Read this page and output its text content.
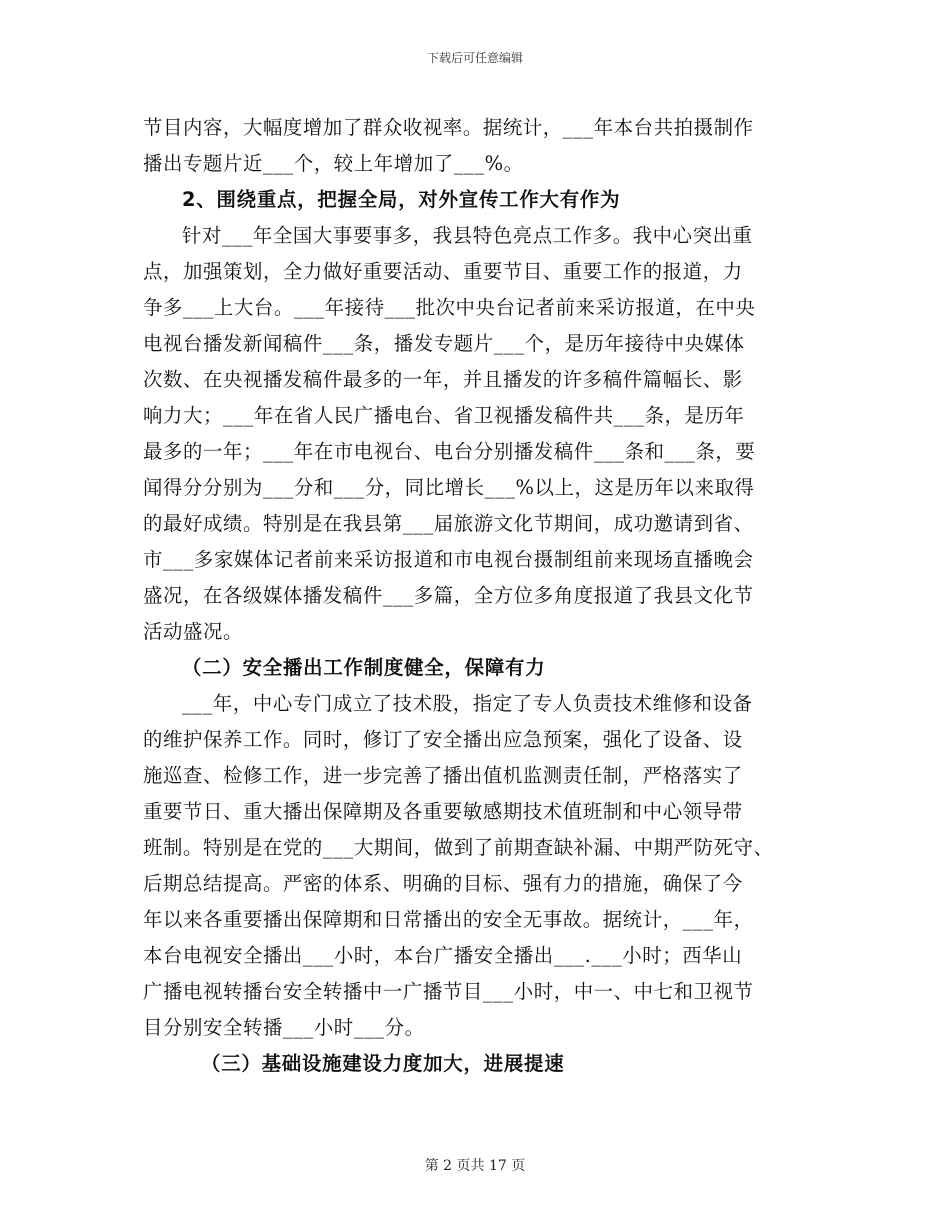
下载后可任意编辑
节目内容，大幅度增加了群众收视率。据统计，___年本台共拍摄制作
播出专题片近___个，较上年增加了___%。
2、围绕重点，把握全局，对外宣传工作大有作为
针对___年全国大事要事多，我县特色亮点工作多。我中心突出重
点，加强策划，全力做好重要活动、重要节目、重要工作的报道，力
争多___上大台。___年接待___批次中央台记者前来采访报道，在中央
电视台播发新闻稿件___条，播发专题片___个，是历年接待中央媒体
次数、在央视播发稿件最多的一年，并且播发的许多稿件篇幅长、影
响力大；___年在省人民广播电台、省卫视播发稿件共___条，是历年
最多的一年；___年在市电视台、电台分别播发稿件___条和___条，要
闻得分分别为___分和___分，同比增长___%以上，这是历年以来取得
的最好成绩。特别是在我县第___届旅游文化节期间，成功邀请到省、
市___多家媒体记者前来采访报道和市电视台摄制组前来现场直播晚会
盛况，在各级媒体播发稿件___多篇，全方位多角度报道了我县文化节
活动盛况。
（二）安全播出工作制度健全，保障有力
___年，中心专门成立了技术股，指定了专人负责技术维修和设备
的维护保养工作。同时，修订了安全播出应急预案，强化了设备、设
施巡查、检修工作，进一步完善了播出值机监测责任制，严格落实了
重要节日、重大播出保障期及各重要敏感期技术值班制和中心领导带
班制。特别是在党的___大期间，做到了前期查缺补漏、中期严防死守、
后期总结提高。严密的体系、明确的目标、强有力的措施，确保了今
年以来各重要播出保障期和日常播出的安全无事故。据统计，___年，
本台电视安全播出___小时，本台广播安全播出___.___小时；西华山
广播电视转播台安全转播中一广播节目___小时，中一、中七和卫视节
目分别安全转播___小时___分。
（三）基础设施建设力度加大，进展提速
第 2 页共 17 页
